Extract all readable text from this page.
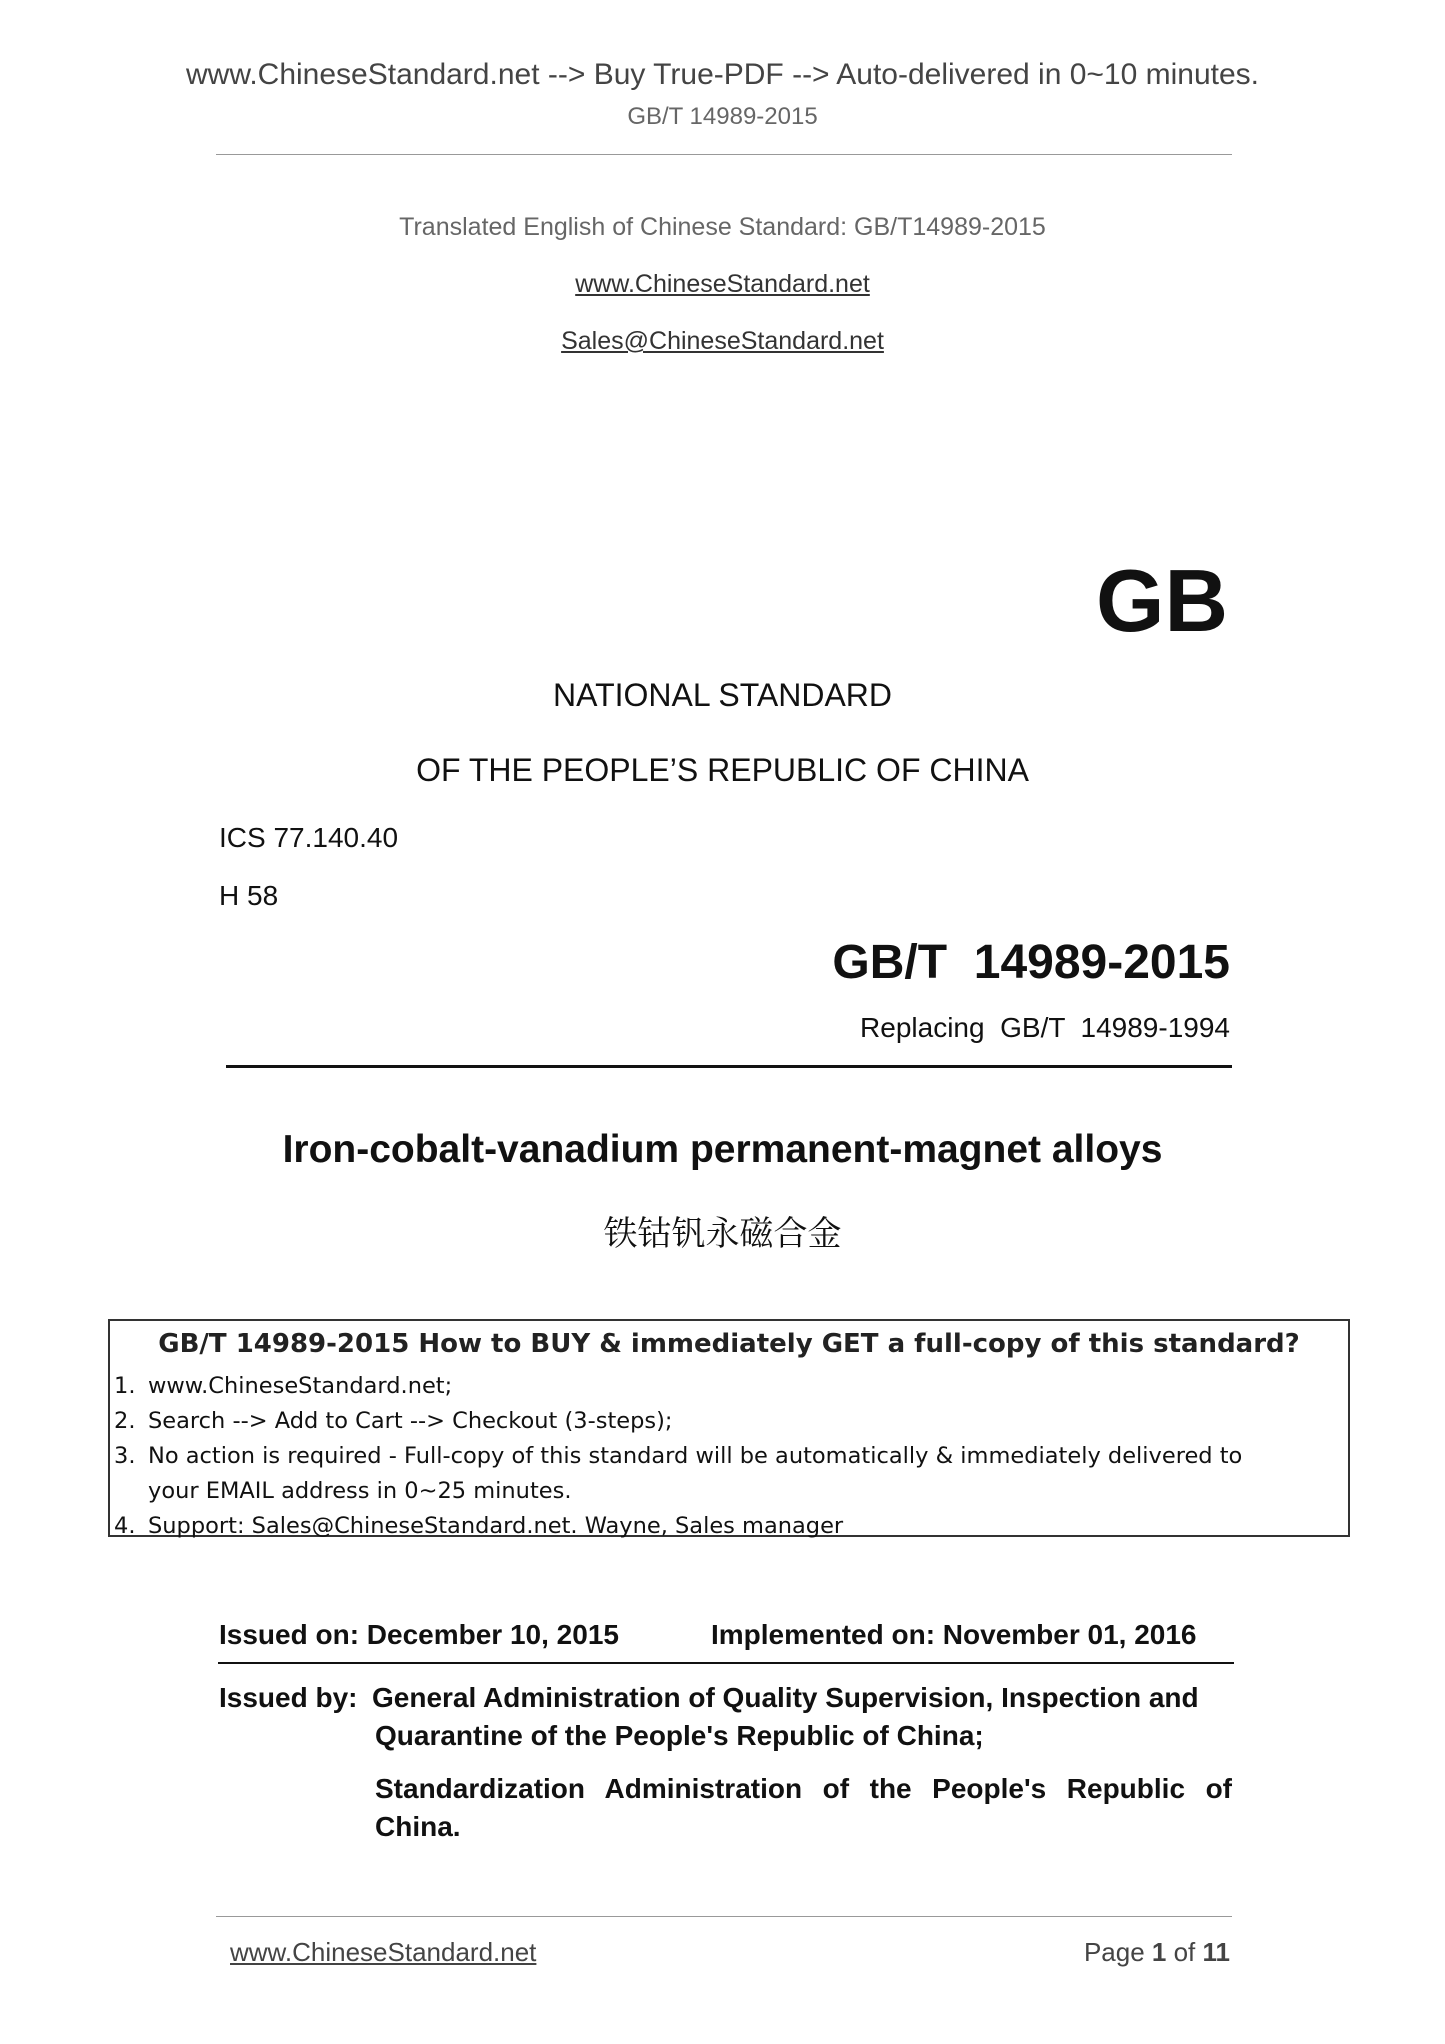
www.ChineseStandard.net --> Buy True-PDF --> Auto-delivered in 0~10 minutes.
GB/T 14989-2015
Translated English of Chinese Standard: GB/T14989-2015
www.ChineseStandard.net
Sales@ChineseStandard.net
GB
NATIONAL STANDARD
OF THE PEOPLE’S REPUBLIC OF CHINA
ICS 77.140.40
H 58
GB/T  14989-2015
Replacing  GB/T  14989-1994
Iron-cobalt-vanadium permanent-magnet alloys
铁钴钒永磁合金
GB/T 14989-2015 How to BUY & immediately GET a full-copy of this standard?
1. www.ChineseStandard.net;
2. Search --> Add to Cart --> Checkout (3-steps);
3. No action is required - Full-copy of this standard will be automatically & immediately delivered to
your EMAIL address in 0~25 minutes.
4. Support: Sales@ChineseStandard.net. Wayne, Sales manager
Issued on: December 10, 2015	Implemented on: November 01, 2016
Issued by: General Administration of Quality Supervision, Inspection and
Quarantine of the People's Republic of China;
Standardization  Administration  of  the  People's  Republic  of
China.
www.ChineseStandard.net	Page 1 of 11
